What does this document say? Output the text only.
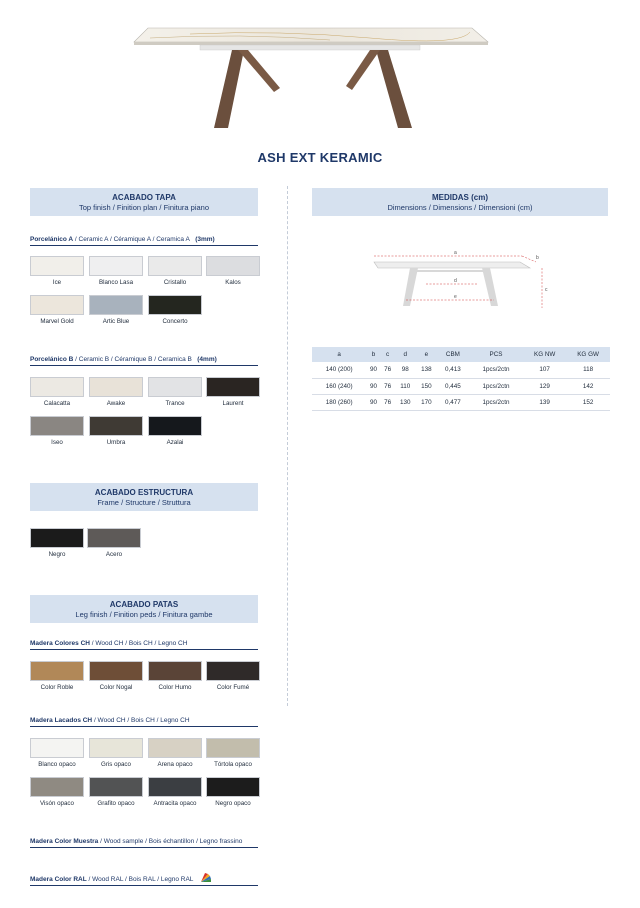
ASH EXT KERAMIC
ACABADO TAPA
Top finish / Finition plan / Finitura piano
Porcelánico A / Ceramic A / Céramique A / Ceramica A (3mm)
Ice	Blanco Lasa	Cristallo	Kalos
Marvel Gold	Artic Blue	Concerto
Porcelánico B / Ceramic B / Céramique B / Ceramica B (4mm)
Calacatta	Awake	Trance	Laurent
Iseo	Umbra	Azalai
ACABADO ESTRUCTURA
Frame / Structure / Struttura
Negro	Acero
ACABADO PATAS
Leg finish / Finition peds / Finitura gambe
Madera Colores CH / Wood CH / Bois CH / Legno CH
Color Roble	Color Nogal	Color Humo	Color Fumé
Madera Lacados CH / Wood CH / Bois CH / Legno CH
Blanco opaco	Gris opaco	Arena opaco	Tórtola opaco
Visón opaco	Grafito opaco	Antracita opaco	Negro opaco
Madera Color Muestra / Wood sample / Bois échantillon / Legno frassino
Madera Color RAL / Wood RAL / Bois RAL / Legno RAL
MEDIDAS (cm)
Dimensions / Dimensions / Dimensioni (cm)
a
b
c
d
e
a	b	c	d	e	CBM	PCS	KG NW	KG GW
140 (200)	90	76	98	138	0,413	1pcs/2ctn	107	118
160 (240)	90	76	110	150	0,445	1pcs/2ctn	129	142
180 (260)	90	76	130	170	0,477	1pcs/2ctn	139	152
